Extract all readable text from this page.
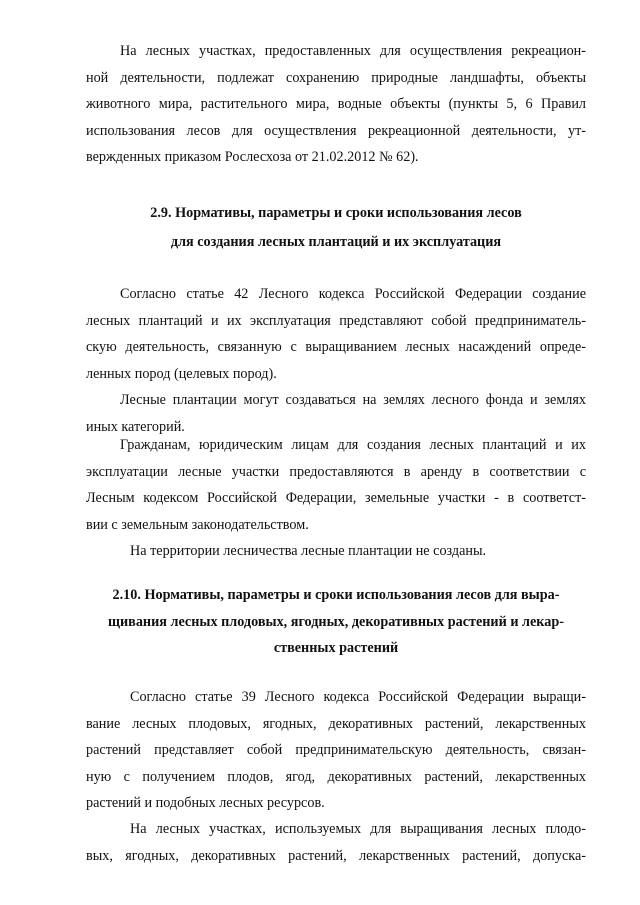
На лесных участках, предоставленных для осуществления рекреацион-
ной деятельности, подлежат сохранению природные ландшафты, объекты
животного мира, растительного мира, водные объекты (пункты 5, 6 Правил
использования лесов для осуществления рекреационной деятельности, ут-
вержденных приказом Рослесхоза от 21.02.2012 № 62).
2.9. Нормативы, параметры и сроки использования лесов
для создания лесных плантаций и их эксплуатация
Согласно статье 42 Лесного кодекса Российской Федерации создание
лесных плантаций и их эксплуатация представляют собой предприниматель-
скую деятельность, связанную с выращиванием лесных насаждений опреде-
ленных пород (целевых пород).
Лесные плантации могут создаваться на землях лесного фонда и землях
иных категорий.
Гражданам, юридическим лицам для создания лесных плантаций и их
эксплуатации лесные участки предоставляются в аренду в соответствии с
Лесным кодексом Российской Федерации, земельные участки - в соответст-
вии с земельным законодательством.
На территории лесничества лесные плантации не созданы.
2.10. Нормативы, параметры и сроки использования лесов для выра-
щивания лесных плодовых, ягодных, декоративных растений и лекар-
ственных растений
Согласно статье 39 Лесного кодекса Российской Федерации выращи-
вание лесных плодовых, ягодных, декоративных растений, лекарственных
растений представляет собой предпринимательскую деятельность, связан-
ную с получением плодов, ягод, декоративных растений, лекарственных
растений и подобных лесных ресурсов.
На лесных участках, используемых для выращивания лесных плодо-
вых, ягодных, декоративных растений, лекарственных растений, допуска-
